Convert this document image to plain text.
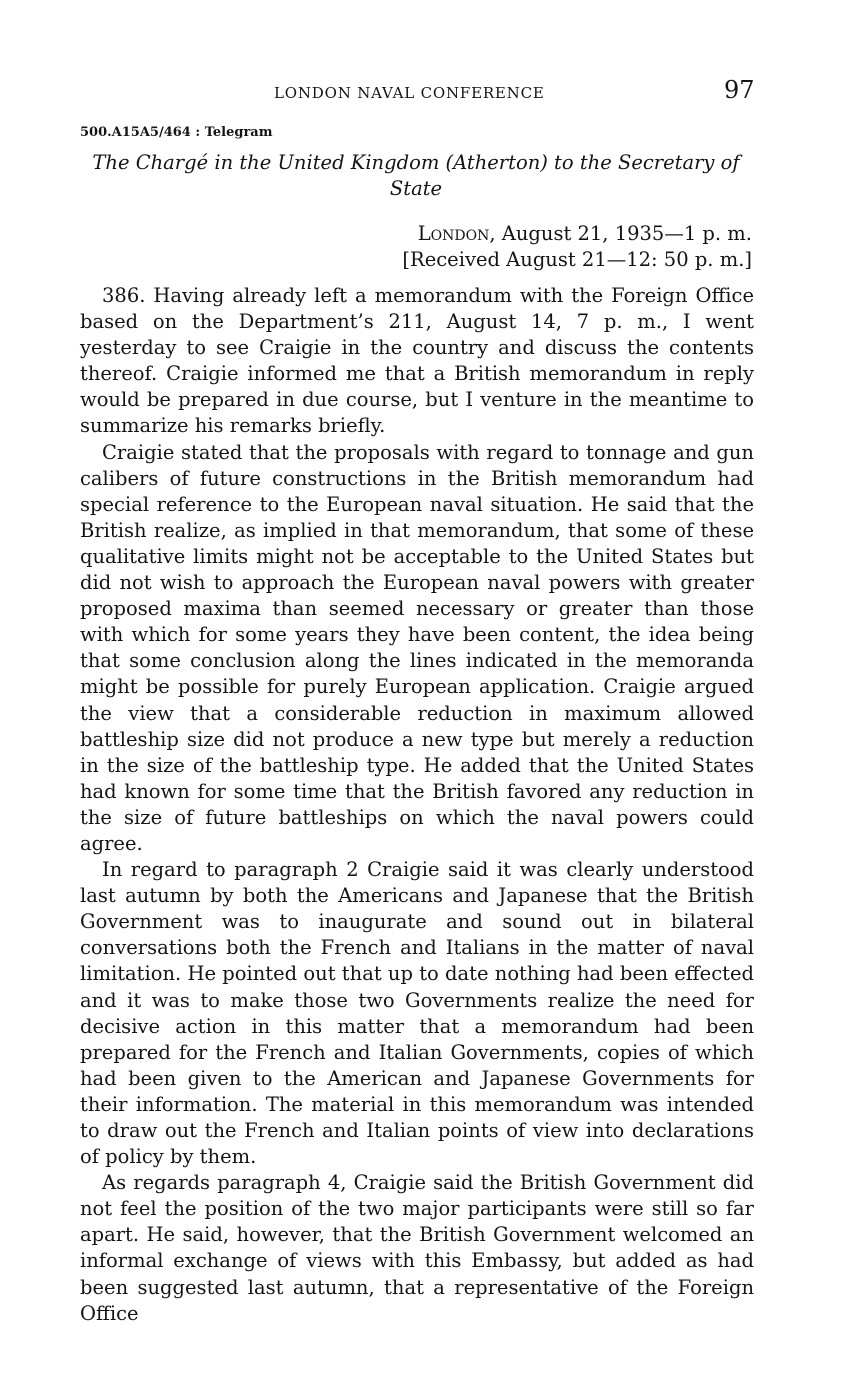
LONDON NAVAL CONFERENCE	97
500.A15A5/464 : Telegram
The Chargé in the United Kingdom (Atherton) to the Secretary of State
London, August 21, 1935—1 p. m.
[Received August 21—12: 50 p. m.]

386. Having already left a memorandum with the Foreign Office based on the Department’s 211, August 14, 7 p. m., I went yesterday to see Craigie in the country and discuss the contents thereof. Craigie informed me that a British memorandum in reply would be prepared in due course, but I venture in the meantime to summarize his remarks briefly.

Craigie stated that the proposals with regard to tonnage and gun calibers of future constructions in the British memorandum had special reference to the European naval situation. He said that the British realize, as implied in that memorandum, that some of these qualitative limits might not be acceptable to the United States but did not wish to approach the European naval powers with greater proposed maxima than seemed necessary or greater than those with which for some years they have been content, the idea being that some conclusion along the lines indicated in the memoranda might be possible for purely European application. Craigie argued the view that a considerable reduction in maximum allowed battleship size did not produce a new type but merely a reduction in the size of the battleship type. He added that the United States had known for some time that the British favored any reduction in the size of future battleships on which the naval powers could agree.

In regard to paragraph 2 Craigie said it was clearly understood last autumn by both the Americans and Japanese that the British Government was to inaugurate and sound out in bilateral conversations both the French and Italians in the matter of naval limitation. He pointed out that up to date nothing had been effected and it was to make those two Governments realize the need for decisive action in this matter that a memorandum had been prepared for the French and Italian Governments, copies of which had been given to the American and Japanese Governments for their information. The material in this memorandum was intended to draw out the French and Italian points of view into declarations of policy by them.

As regards paragraph 4, Craigie said the British Government did not feel the position of the two major participants were still so far apart. He said, however, that the British Government welcomed an informal exchange of views with this Embassy, but added as had been suggested last autumn, that a representative of the Foreign Office
